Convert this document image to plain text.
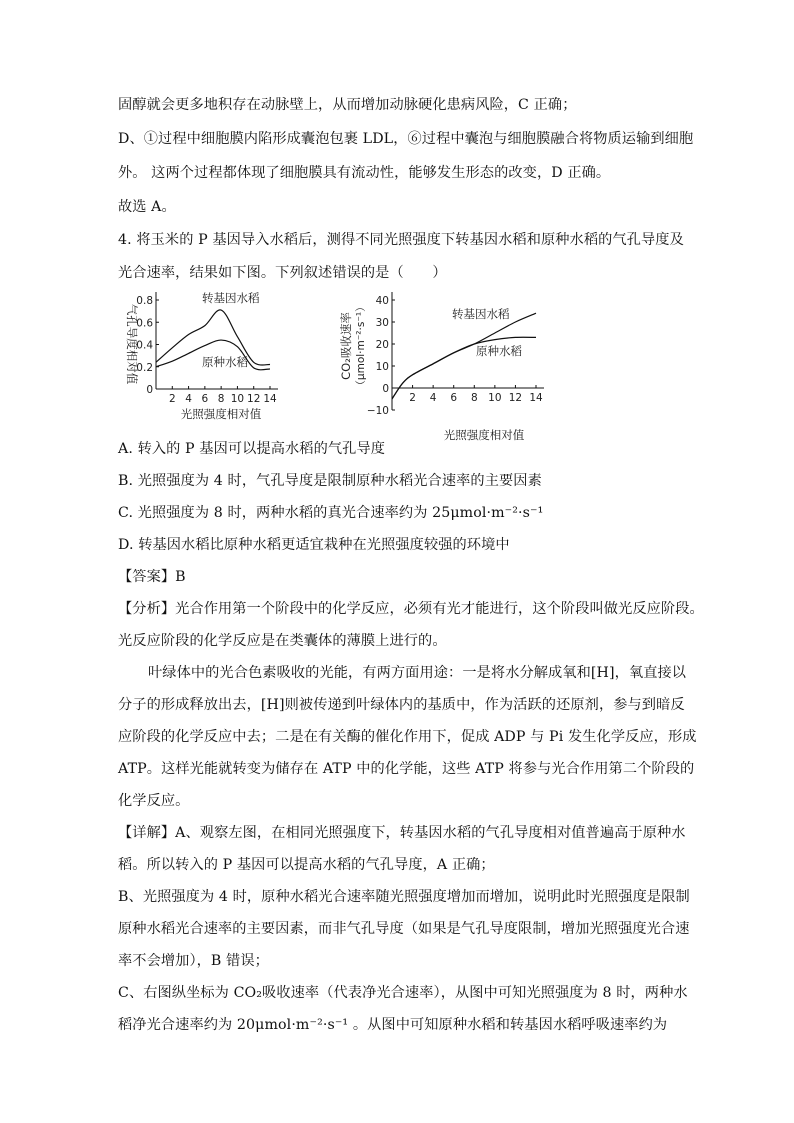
固醇就会更多地积存在动脉壁上，从而增加动脉硬化患病风险，C 正确；
D、①过程中细胞膜内陷形成囊泡包裹 LDL，⑥过程中囊泡与细胞膜融合将物质运输到细胞
外。 这两个过程都体现了细胞膜具有流动性，能够发生形态的改变，D 正确。
故选 A。
4. 将玉米的 P 基因导入水稻后，测得不同光照强度下转基因水稻和原种水稻的气孔导度及
光合速率，结果如下图。下列叙述错误的是（　　）
0
0.2
0.4
0.6
0.8
2 4 6 8 10 12 14
光照强度相对值
转基因水稻
原种水稻
气孔导度相对值
−10
0
10
20
30
40
2 4 6 8 10 12 14
光照强度相对值
转基因水稻
原种水稻
CO₂吸收速率 （μmol·m⁻²·s⁻¹）
A. 转入的 P 基因可以提高水稻的气孔导度
B. 光照强度为 4 时，气孔导度是限制原种水稻光合速率的主要因素
C. 光照强度为 8 时，两种水稻的真光合速率约为 25μmol·m⁻²·s⁻¹
D. 转基因水稻比原种水稻更适宜栽种在光照强度较强的环境中
【答案】B
【分析】光合作用第一个阶段中的化学反应，必须有光才能进行，这个阶段叫做光反应阶段。
光反应阶段的化学反应是在类囊体的薄膜上进行的。
叶绿体中的光合色素吸收的光能，有两方面用途：一是将水分解成氧和[H]，氧直接以
分子的形成释放出去，[H]则被传递到叶绿体内的基质中，作为活跃的还原剂，参与到暗反
应阶段的化学反应中去；二是在有关酶的催化作用下，促成 ADP 与 Pi 发生化学反应，形成
ATP。这样光能就转变为储存在 ATP 中的化学能，这些 ATP 将参与光合作用第二个阶段的
化学反应。
【详解】A、观察左图，在相同光照强度下，转基因水稻的气孔导度相对值普遍高于原种水
稻。所以转入的 P 基因可以提高水稻的气孔导度，A 正确；
B、光照强度为 4 时，原种水稻光合速率随光照强度增加而增加，说明此时光照强度是限制
原种水稻光合速率的主要因素，而非气孔导度（如果是气孔导度限制，增加光照强度光合速
率不会增加），B 错误；
C、右图纵坐标为 CO₂吸收速率（代表净光合速率），从图中可知光照强度为 8 时，两种水
稻净光合速率约为 20μmol·m⁻²·s⁻¹ 。从图中可知原种水稻和转基因水稻呼吸速率约为
